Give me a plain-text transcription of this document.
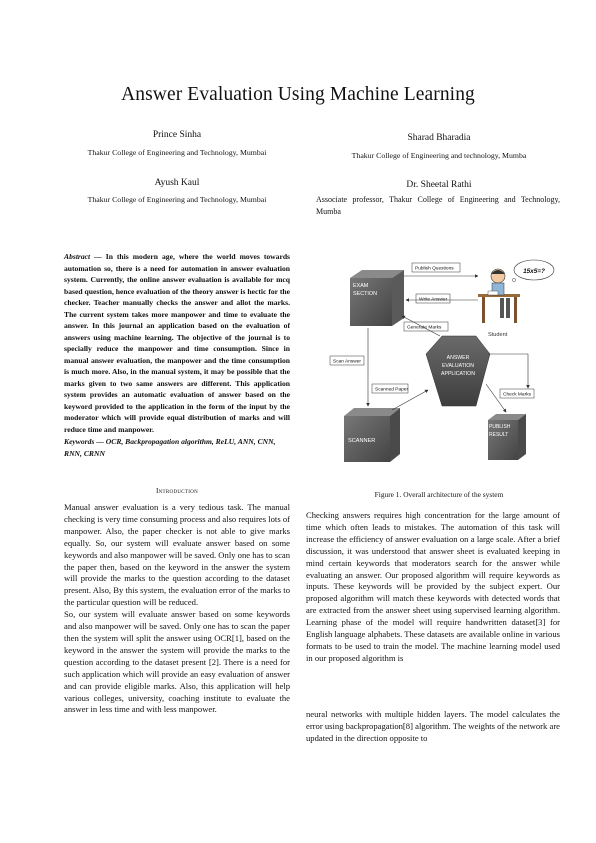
Answer Evaluation Using Machine Learning
Prince Sinha
Thakur College of Engineering and Technology, Mumbai
Sharad Bharadia
Thakur College of Engineering and technology, Mumba
Ayush Kaul
Thakur College of Engineering and Technology, Mumbai
Dr. Sheetal Rathi
Associate professor, Thakur College of Engineering and Technology, Mumba
Abstract — In this modern age, where the world moves towards automation so, there is a need for automation in answer evaluation system. Currently, the online answer evaluation is available for mcq based question, hence evaluation of the theory answer is hectic for the checker. Teacher manually checks the answer and allot the marks. The current system takes more manpower and time to evaluate the answer. In this journal an application based on the evaluation of answers using machine learning. The objective of the journal is to specially reduce the manpower and time consumption. Since in manual answer evaluation, the manpower and the time consumption is much more. Also, in the manual system, it may be possible that the marks given to two same answers are different. This application system provides an automatic evaluation of answer based on the keyword provided to the application in the form of the input by the moderator which will provide equal distribution of marks and will reduce time and manpower.
Keywords — OCR, Backpropagation algorithm, ReLU, ANN, CNN, RNN, CRNN
Introduction

Manual answer evaluation is a very tedious task. The manual checking is very time consuming process and also requires lots of manpower. Also, the paper checker is not able to give marks equally. So, our system will evaluate answer based on some keywords and also manpower will be saved. Only one has to scan the paper then, based on the keyword in the answer the system will provide the marks to the question according to the dataset present. Also, By this system, the evaluation error of the marks to the particular question will be reduced.

So, our system will evaluate answer based on some keywords and also manpower will be saved. Only one has to scan the paper then the system will split the answer using OCR[1], based on the keyword in the answer the system will provide the marks to the question according to the dataset present [2]. There is a need for such application which will provide an easy evaluation of answer and can provide eligible marks. Also, this application will help various colleges, university, coaching institute to evaluate the answer in less time and with less manpower.

EXAM SECTION
SCANNER
ANSWER EVALUATION APPLICATION
PUBLISH RESULT
15x5=?
Student
Publish Questions
Write Answer
Generate Marks
Scan Answer
Scanned Paper
Check Marks
Figure 1. Overall architecture of the system
Checking answers requires high concentration for the large amount of time which often leads to mistakes. The automation of this task will increase the efficiency of answer evaluation on a large scale. After a brief discussion, it was understood that answer sheet is evaluated keeping in mind certain keywords that moderators search for the answer while evaluating an answer. Our proposed algorithm will require keywords as inputs. These keywords will be provided by the subject expert. Our proposed algorithm will match these keywords with detected words that are extracted from the answer sheet using supervised learning algorithm. Learning phase of the model will require handwritten dataset[3] for English language alphabets. These datasets are available online in various formats to be used to train the model. The machine learning model used in our proposed algorithm is
neural networks with multiple hidden layers. The model calculates the error using backpropagation[8] algorithm. The weights of the network are updated in the direction opposite to
